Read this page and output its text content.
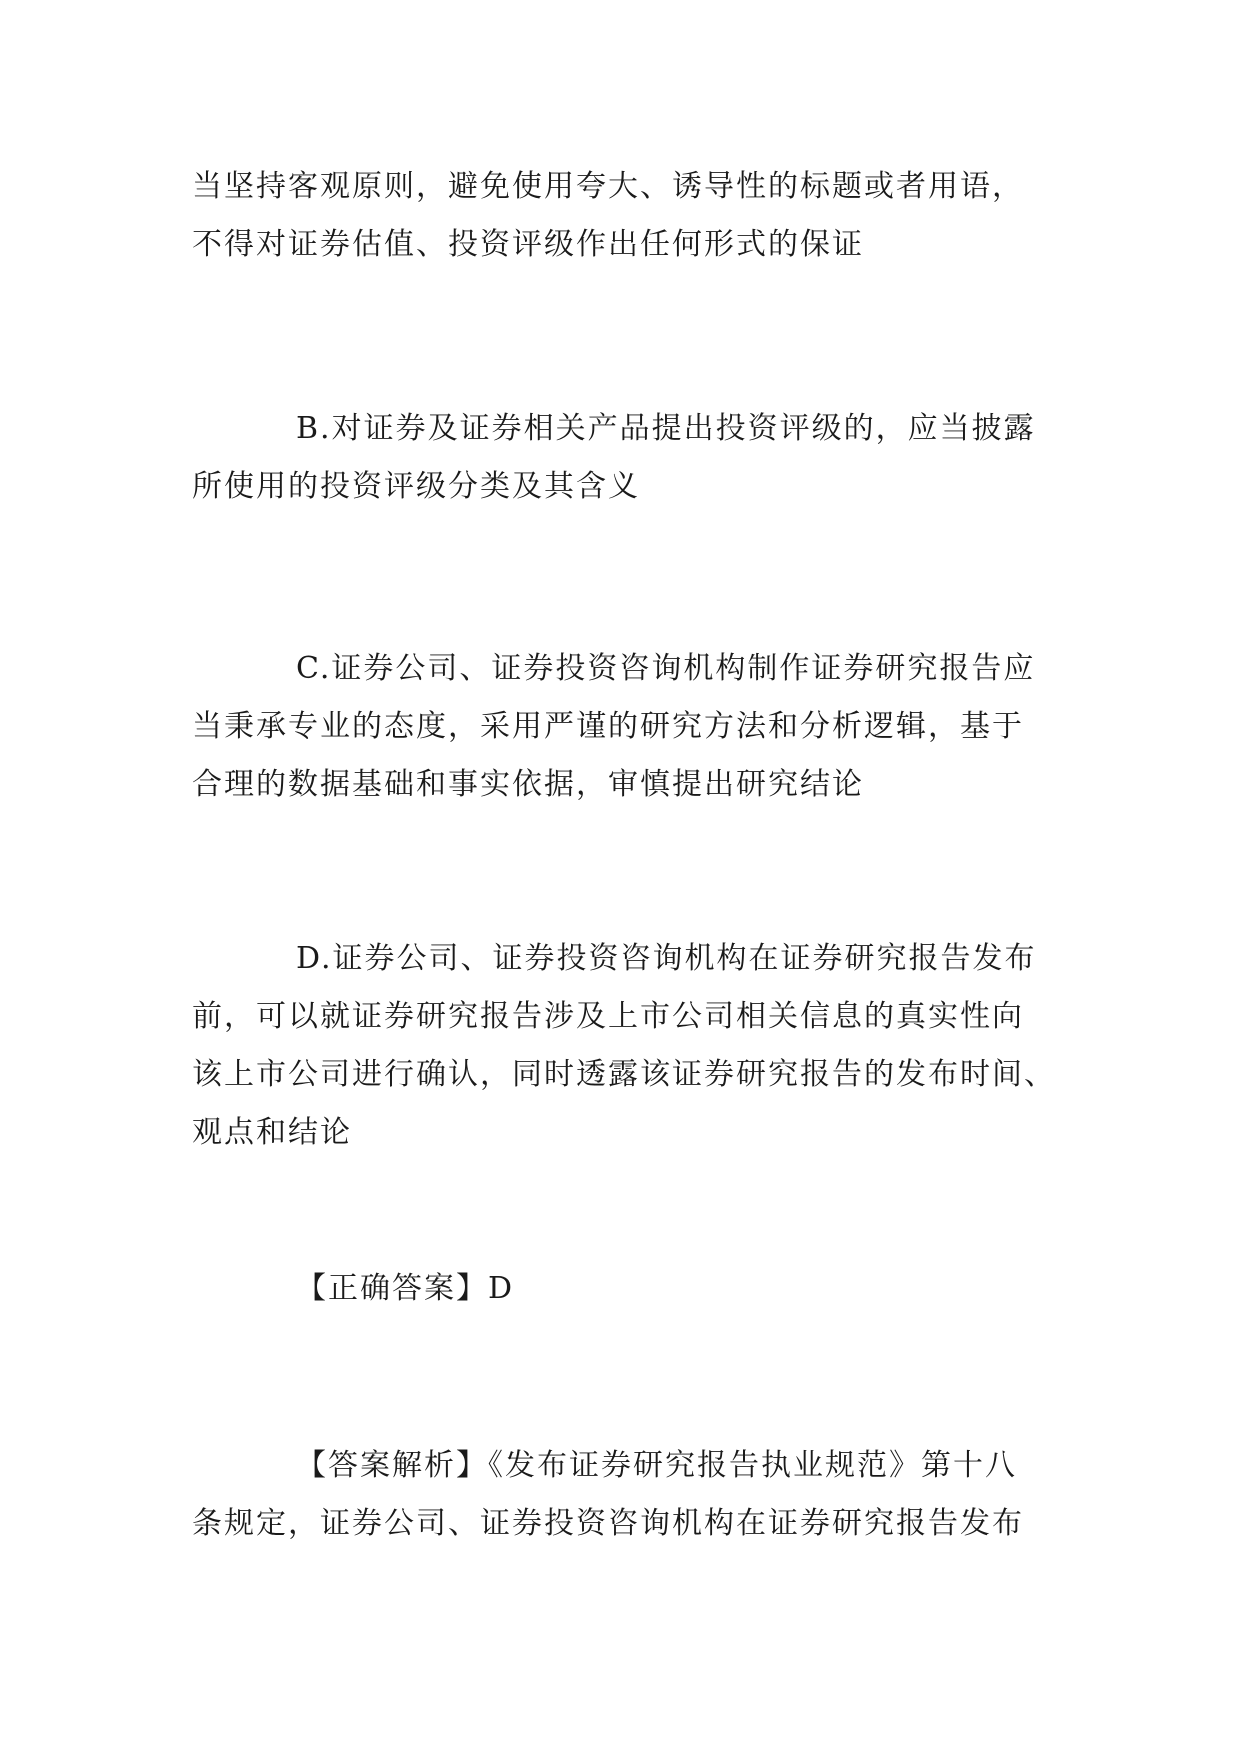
当坚持客观原则，避免使用夸大、诱导性的标题或者用语，
不得对证券估值、投资评级作出任何形式的保证
B.对证券及证券相关产品提出投资评级的，应当披露
所使用的投资评级分类及其含义
C.证券公司、证券投资咨询机构制作证券研究报告应
当秉承专业的态度，采用严谨的研究方法和分析逻辑，基于
合理的数据基础和事实依据，审慎提出研究结论
D.证券公司、证券投资咨询机构在证券研究报告发布
前，可以就证券研究报告涉及上市公司相关信息的真实性向
该上市公司进行确认，同时透露该证券研究报告的发布时间、
观点和结论
【正确答案】D
【答案解析】《发布证券研究报告执业规范》第十八
条规定，证券公司、证券投资咨询机构在证券研究报告发布
